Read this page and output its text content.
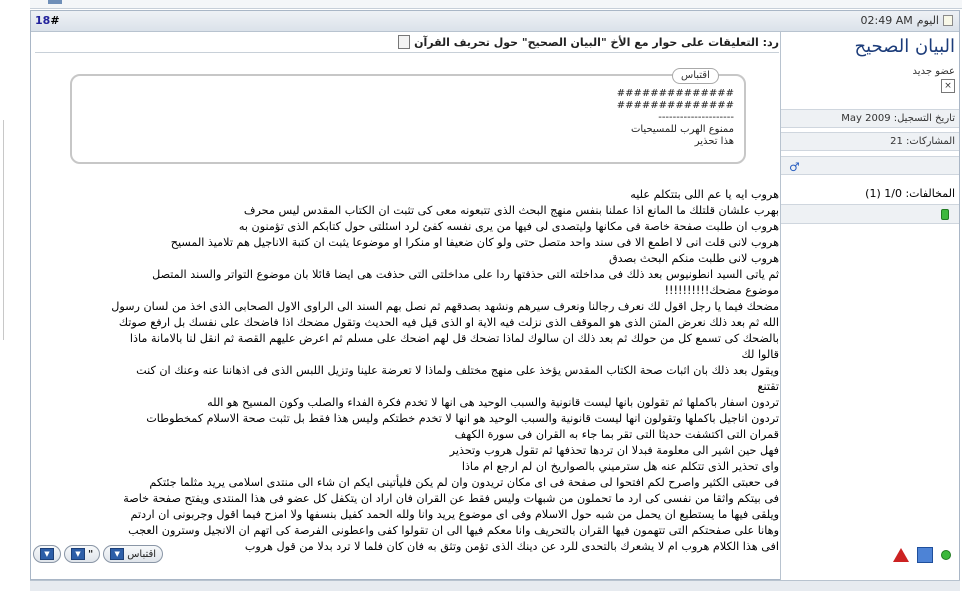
18#	02:49 AM اليوم
البيان الصحيح
عضو جديد
×
تاريخ التسجيل: May 2009
المشاركات: 21
♂
المخالفات: 1/0 (1)
رد: التعليقات على حوار مع الأخ "البيان الصحيح" حول تحريف القرآن
اقتباس
##############
##############
---------------------
ممنوع الهرب للمسيحيات
هذا تحذير
هروب ايه يا عم اللى بتتكلم عليه
بهرب علشان قلتلك ما المانع اذا عملنا بنفس منهج البحث الذى تتبعونه معى كى تثبت ان الكتاب المقدس ليس محرف
هروب ان طلبت صفحة خاصة فى مكانها وليتصدى لى فيها من يرى نفسه كفئ لرد اسئلتى حول كتابكم الذى تؤمنون به
هروب لانى قلت انى لا اطمع الا فى سند واحد متصل حتى ولو كان ضعيفا او منكرا او موضوعا يثبت ان كتبة الاناجيل هم تلاميذ المسيح
هروب لانى طلبت منكم البحث بصدق
ثم ياتى السيد انطونيوس بعد ذلك فى مداخلته التى حذفتها ردا على مداخلتى التى حذفت هى ايضا قائلا بان موضوع التواتر والسند المتصل
موضوع مضحك!!!!!!!!!!
مضحك فيما يا رجل اقول لك نعرف رجالنا ونعرف سيرهم ونشهد بصدقهم ثم نصل بهم السند الى الراوى الاول الصحابى الذى اخذ من لسان رسول
الله ثم بعد ذلك نعرض المتن الذى هو الموقف الذى نزلت فيه الاية او الذى قيل فيه الحديث وتقول مضحك اذا فاضحك على نفسك بل ارفع صوتك
بالضحك كى تسمع كل من حولك ثم بعد ذلك ان سالوك لماذا تضحك قل لهم اضحك على مسلم ثم اعرض عليهم القصة ثم انقل لنا بالامانة ماذا
قالوا لك
ويقول بعد ذلك بان اثبات صحة الكتاب المقدس يؤخذ على منهج مختلف ولماذا لا تعرضة علينا وتزيل اللبس الذى فى اذهاننا عنه وعنك ان كنت
تقتنع
تردون اسفار باكملها ثم تقولون بانها ليست قانونية والسبب الوحيد هى انها لا تخدم فكرة الفداء والصلب وكون المسيح هو الله
تردون اناجيل باكملها وتقولون انها ليست قانونية والسبب الوحيد هو انها لا تخدم خطتكم وليس هذا فقط بل تثبت صحة الاسلام كمخطوطات
قمران التى اكتشفت حديثا التى تقر بما جاء به القران فى سورة الكهف
فهل حين اشير الى معلومة فبدلا ان تردها تحذفها ثم تقول هروب وتحذير
واى تحذير الذى تتكلم عنه هل سترميني بالصواريخ ان لم ارجع ام ماذا
فى حعبتى الكثير واصرح لكم افتحوا لى صفحة فى اى مكان تريدون وان لم يكن فليأتينى ايكم ان شاء الى منتدى اسلامى يريد مثلما جئتكم
فى بيتكم واثقا من نفسى كى ارد ما تحملون من شبهات وليس فقط عن القران فان اراد ان يتكفل كل عضو فى هذا المنتدى ويفتح صفحة خاصة
ويلقى فيها ما يستطيع ان يحمل من شبه حول الاسلام وفى اى موضوع يريد وانا ولله الحمد كفيل بنسفها ولا امزح فيما اقول وجربونى ان اردتم
وهانا على صفحتكم التى تتهمون فيها القران بالتحريف وانا معكم فيها الى ان تقولوا كفى واعطونى الفرصة كى اتهم ان الانجيل وسترون العجب
افى هذا الكلام هروب ام لا يشعرك بالتحدى للرد عن دينك الذى تؤمن وتثق به فان كان فلما لا ترد بدلا من قول هروب
▼	▼ "	▼ اقتباس
